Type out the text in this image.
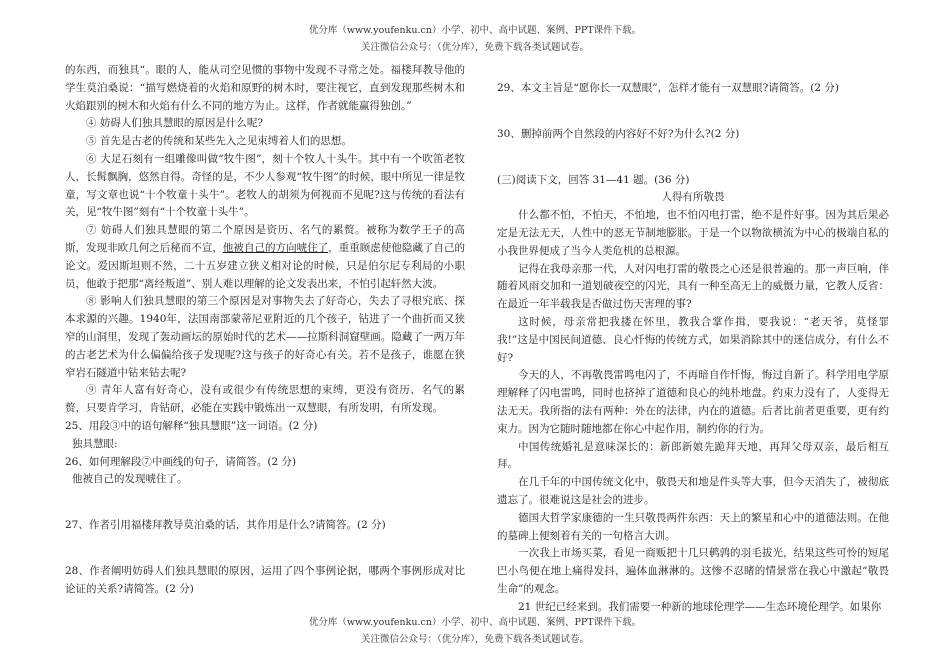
优分库（www.youfenku.cn）小学、初中、高中试题、案例、PPT课件下载。
关注微信公众号：（优分库），免费下载各类试题试卷。

的东西，而独具“。眼的人，能从司空见惯的事物中发现不寻常之处。福楼拜教导他的学生莫泊桑说：“描写燃烧着的火焰和原野的树木时，要注视它，直到发现那些树木和火焰跟别的树木和火焰有什么不同的地方为止。这样，作者就能赢得独创。”

④ 妨碍人们独具慧眼的原因是什么呢?

⑤ 首先是古老的传统和某些先入之见束缚着人们的思想。

⑥ 大足石刻有一组雕像叫做“牧牛图”，刻十个牧人十头牛。其中有一个吹笛老牧人，长髯飘胸，悠然自得。奇怪的是，不少人参观“牧牛图”的时候，眼中所见一律是牧童，写文章也说“十个牧童十头牛”。老牧人的胡须为何视而不见呢?这与传统的看法有关，见“牧牛图”刻有“十个牧童十头牛”。

⑦ 妨碍人们独具慧眼的第二个原因是资历、名气的累赘。被称为数学王子的高斯，发现非欧几何之后秘而不宣，他被自己的方向唬住了，重重顾虑使他隐藏了自己的论文。爱因斯坦则不然，二十五岁建立狭义相对论的时候，只是伯尔尼专利局的小职员，他敢于把那“离经叛道”、别人难以理解的论文发表出来，不怕引起轩然大波。

⑧ 影响人们独具慧眼的第三个原因是对事物失去了好奇心，失去了寻根究底、探本求源的兴趣。1940年，法国南部蒙蒂尼亚附近的几个孩子，钻进了一个曲折而又狭窄的山洞里，发现了轰动画坛的原始时代的艺术——拉斯科洞窟壁画。隐藏了一两万年的古老艺术为什么偏偏给孩子发现呢?这与孩子的好奇心有关。若不是孩子，谁愿在狭窄岩石隧道中钻来钻去呢?

⑨ 青年人富有好奇心，没有或很少有传统思想的束缚，更没有资历、名气的累赘，只要肯学习，肯钻研，必能在实践中锻炼出一双慧眼，有所发明，有所发现。

25、用段③中的语句解释“独具慧眼”这一词语。(2 分)

独具慧眼:

26、如何理解段⑦中画线的句子，请简答。(2 分)

他被自己的发现唬住了。

27、作者引用福楼拜教导莫泊桑的话，其作用是什么?请简答。(2 分)

28、作者阐明妨碍人们独具慧眼的原因，运用了四个事例论据，哪两个事例形成对比论证的关系?请简答。(2 分)

29、本文主旨是“愿你长一双慧眼”，怎样才能有一双慧眼?请简答。(2 分)

30、删掉前两个自然段的内容好不好?为什么?(2 分)

(三)阅读下文，回答 31—41 题。(36 分)

人得有所敬畏

什么都不怕，不怕天，不怕地，也不怕闪电打雷，绝不是件好事。因为其后果必定是无法无天，人性中的恶无节制地膨胀。于是一个以物欲横流为中心的极端自私的小我世界便成了当今人类危机的总根源。

记得在我母亲那一代，人对闪电打雷的敬畏之心还是很普遍的。那一声巨响，伴随着风雨交加和一道划破夜空的闪光，具有一种至高无上的威慑力量，它教人反省：在最近一年半载我是否做过伤天害理的事?

这时候，母亲常把我搂在怀里，教我合掌作揖，要我说：“老天爷，莫怪罪我!”这是中国民间道德、良心忏悔的传统方式，如果消除其中的迷信成分，有什么不好?

今天的人，不再敬畏雷鸣电闪了，不再暗自作忏悔，悔过自新了。科学用电学原理解释了闪电雷鸣，同时也挤掉了道德和良心的纯朴地盘。约束力没有了，人变得无法无天。我所指的法有两种：外在的法律，内在的道德。后者比前者更重要，更有约束力。因为它随时随地都在你心中起作用，制约你的行为。

中国传统婚礼是意味深长的：新郎新娘先跪拜天地，再拜父母双亲，最后相互拜。

在几千年的中国传统文化中，敬畏天和地是件头等大事，但今天消失了，被彻底遗忘了。很难说这是社会的进步。

德国大哲学家康德的一生只敬畏两件东西：天上的繁星和心中的道德法则。在他的墓碑上便刻着有关的一句格言大训。

一次我上市场买菜，看见一商贩把十几只鹌鹑的羽毛拔光，结果这些可怜的短尾巴小鸟便在地上痛得发抖，遍体血淋淋的。这惨不忍睹的情景常在我心中激起“敬畏生命”的观念。

21 世纪已经来到。我们需要一种新的地球伦理学——生态环境伦理学。如果你

优分库（www.youfenku.cn）小学、初中、高中试题、案例、PPT课件下载。
关注微信公众号：（优分库），免费下载各类试题试卷。
